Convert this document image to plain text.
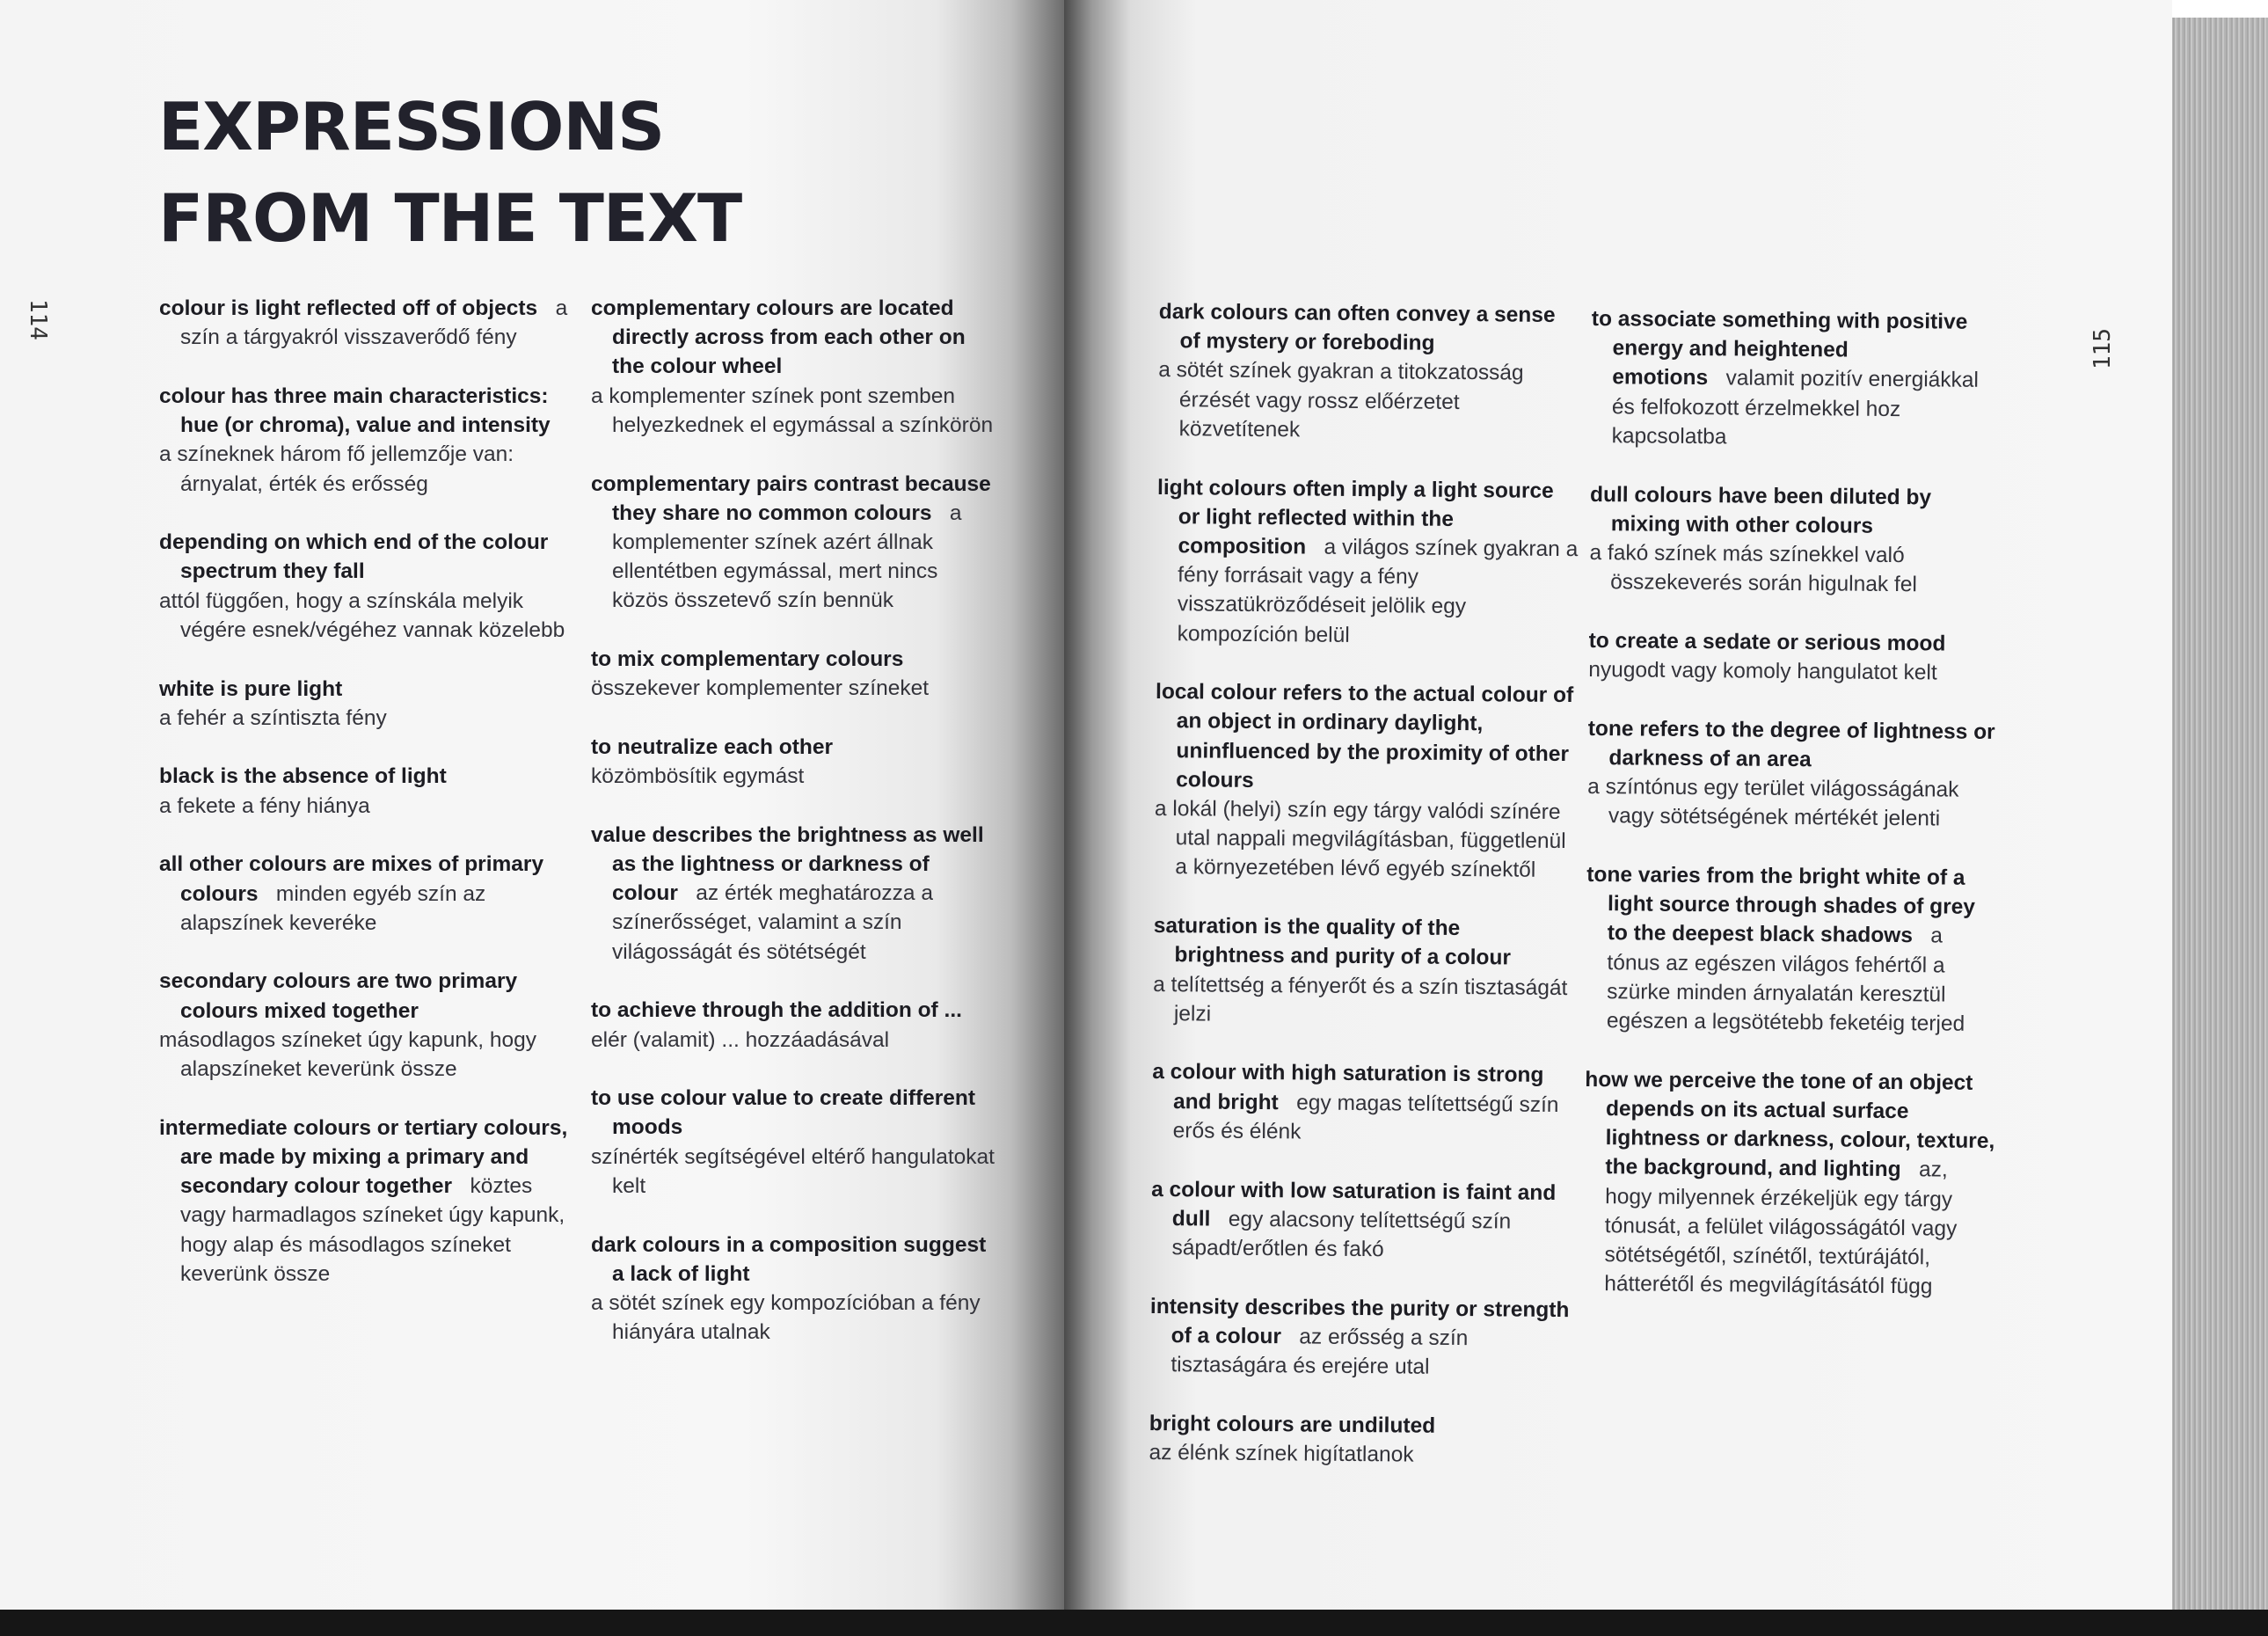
EXPRESSIONS
FROM THE TEXT
114
115
colour is light reflected off of objects a szín a tárgyakról visszaverődő fény
colour has three main characteristics: hue (or chroma), value and intensity
a színeknek három fő jellemzője van: árnyalat, érték és erősség
depending on which end of the colour spectrum they fall
attól függően, hogy a színskála melyik végére esnek/végéhez vannak közelebb
white is pure light
a fehér a színtiszta fény
black is the absence of light
a fekete a fény hiánya
all other colours are mixes of primary colours minden egyéb szín az alapszínek keveréke
secondary colours are two primary colours mixed together
másodlagos színeket úgy kapunk, hogy alapszíneket keverünk össze
intermediate colours or tertiary colours, are made by mixing a primary and secondary colour together köztes vagy harmadlagos színeket úgy kapunk, hogy alap és másodlagos színeket keverünk össze
complementary colours are located directly across from each other on the colour wheel
a komplementer színek pont szemben helyezkednek el egymással a színkörön
complementary pairs contrast because they share no common colours a komplementer színek azért állnak ellentétben egymással, mert nincs közös összetevő szín bennük
to mix complementary colours
összekever komplementer színeket
to neutralize each other
közömbösítik egymást
value describes the brightness as well as the lightness or darkness of colour az érték meghatározza a színerősséget, valamint a szín világosságát és sötétségét
to achieve through the addition of ...
elér (valamit) ... hozzáadásával
to use colour value to create different moods
színérték segítségével eltérő hangulatokat kelt
dark colours in a composition suggest a lack of light
a sötét színek egy kompozícióban a fény hiányára utalnak
dark colours can often convey a sense of mystery or foreboding
a sötét színek gyakran a titokzatosság érzését vagy rossz előérzetet közvetítenek
light colours often imply a light source or light reflected within the composition a világos színek gyakran a fény forrásait vagy a fény visszatükröződéseit jelölik egy kompozíción belül
local colour refers to the actual colour of an object in ordinary daylight, uninfluenced by the proximity of other colours
a lokál (helyi) szín egy tárgy valódi színére utal nappali megvilágításban, függetlenül a környezetében lévő egyéb színektől
saturation is the quality of the brightness and purity of a colour
a telítettség a fényerőt és a szín tisztaságát jelzi
a colour with high saturation is strong and bright egy magas telítettségű szín erős és élénk
a colour with low saturation is faint and dull egy alacsony telítettségű szín sápadt/erőtlen és fakó
intensity describes the purity or strength of a colour az erősség a szín tisztaságára és erejére utal
bright colours are undiluted
az élénk színek higítatlanok
to associate something with positive energy and heightened emotions valamit pozitív energiákkal és felfokozott érzelmekkel hoz kapcsolatba
dull colours have been diluted by mixing with other colours
a fakó színek más színekkel való összekeverés során higulnak fel
to create a sedate or serious mood
nyugodt vagy komoly hangulatot kelt
tone refers to the degree of lightness or darkness of an area
a színtónus egy terület világosságának vagy sötétségének mértékét jelenti
tone varies from the bright white of a light source through shades of grey to the deepest black shadows a tónus az egészen világos fehértől a szürke minden árnyalatán keresztül egészen a legsötétebb feketéig terjed
how we perceive the tone of an object depends on its actual surface lightness or darkness, colour, texture, the background, and lighting az, hogy milyennek érzékeljük egy tárgy tónusát, a felület világosságától vagy sötétségétől, színétől, textúrájától, hátterétől és megvilágításától függ
